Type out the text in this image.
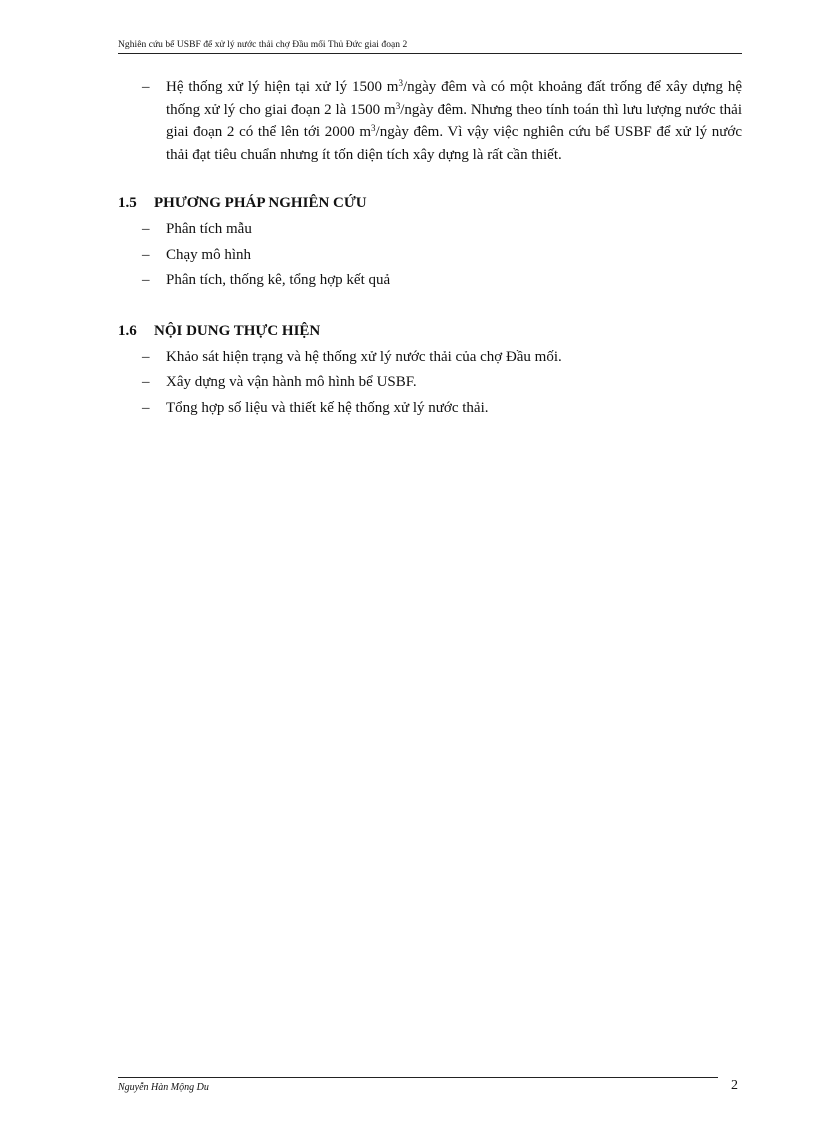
Nghiên cứu bể USBF để xử lý nước thải chợ Đầu mối Thủ Đức giai đoạn 2
– Hệ thống xử lý hiện tại xử lý 1500 $m^3$/ngày đêm và có một khoảng đất trống để xây dựng hệ thống xử lý cho giai đoạn 2 là 1500 $m^3$/ngày đêm. Nhưng theo tính toán thì lưu lượng nước thải giai đoạn 2 có thể lên tới 2000 $m^3$/ngày đêm. Vì vậy việc nghiên cứu bể USBF để xử lý nước thải đạt tiêu chuẩn nhưng ít tốn diện tích xây dựng là rất cần thiết.
1.5 PHƯƠNG PHÁP NGHIÊN CỨU
– Phân tích mẫu
– Chạy mô hình
– Phân tích, thống kê, tổng hợp kết quả
1.6 NỘI DUNG THỰC HIỆN
– Khảo sát hiện trạng và hệ thống xử lý nước thải của chợ Đầu mối.
– Xây dựng và vận hành mô hình bể USBF.
– Tổng hợp số liệu và thiết kế hệ thống xử lý nước thải.
Nguyễn Hàn Mộng Du	2
